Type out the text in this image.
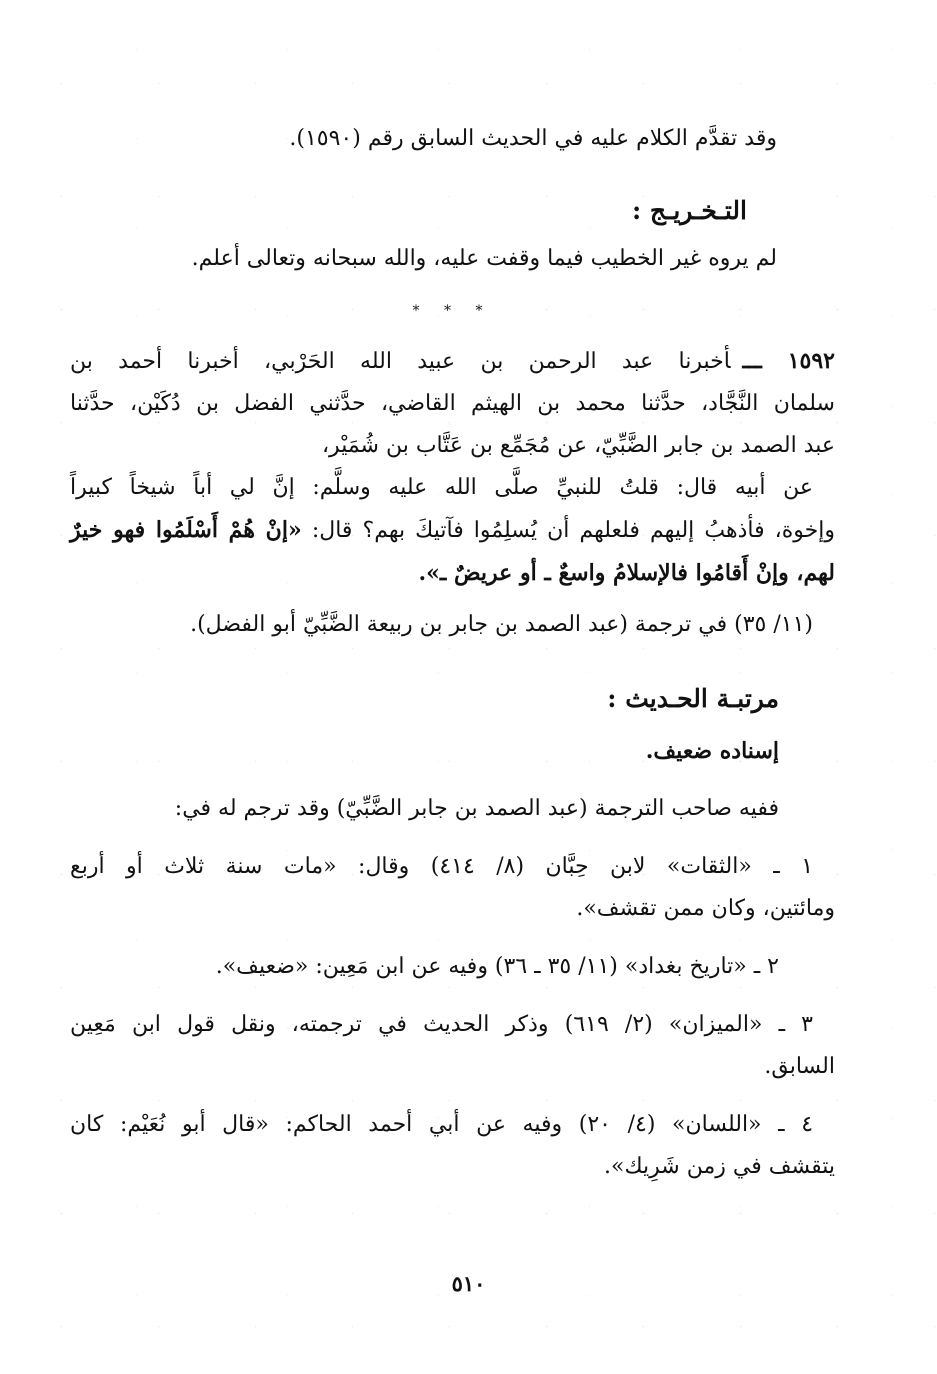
وقد تقدَّم الكلام عليه في الحديث السابق رقم (١٥٩٠).
التـخـريـج :
لم يروه غير الخطيب فيما وقفت عليه، والله سبحانه وتعالى أعلم.
* * *
١٥٩٢ ـــأخبرنا عبد الرحمن بن عبيد الله الحَرْبي، أخبرنا أحمد بن
سلمان النَّجَّاد، حدَّثنا محمد بن الهيثم القاضي، حدَّثني الفضل بن دُكَيْن، حدَّثنا
عبد الصمد بن جابر الضَّبِّيّ، عن مُجَمِّع بن عَتَّاب بن شُمَيْر،
عن أبيه قال: قلتُ للنبيِّ صلَّى الله عليه وسلَّم: إنَّ لي أباً شيخاً كبيراً
وإخوة، فأذهبُ إليهم فلعلهم أن يُسلِمُوا فآتيكَ بهم؟ قال: «إنْ هُمْ أَسْلَمُوا فهو خيرٌ
لهم، وإنْ أَقامُوا فالإسلامُ واسعٌ ـ أو عريضٌ ـ».
(١١/ ٣٥) في ترجمة (عبد الصمد بن جابر بن ربيعة الضَّبِّيّ أبو الفضل).
مرتبـة الحـديث :
إسناده ضعيف.
ففيه صاحب الترجمة (عبد الصمد بن جابر الضَّبِّيّ) وقد ترجم له في:
١ ـ «الثقات» لابن حِبَّان (٨/ ٤١٤) وقال: «مات سنة ثلاث أو أربع
ومائتين، وكان ممن تقشف».
٢ ـ «تاريخ بغداد» (١١/ ٣٥ ـ ٣٦) وفيه عن ابن مَعِين: «ضعيف».
٣ ـ «الميزان» (٢/ ٦١٩) وذكر الحديث في ترجمته، ونقل قول ابن مَعِين
السابق.
٤ ـ «اللسان» (٤/ ٢٠) وفيه عن أبي أحمد الحاكم: «قال أبو نُعَيْم: كان
يتقشف في زمن شَرِيك».
٥١٠
